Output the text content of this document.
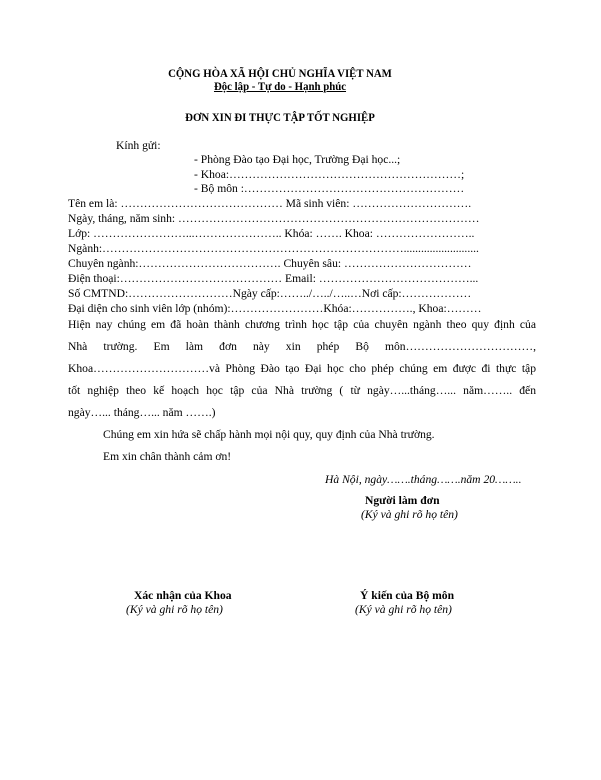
CỘNG HÒA XÃ HỘI CHỦ NGHĨA VIỆT NAM
Độc lập - Tự do - Hạnh phúc
ĐƠN XIN ĐI THỰC TẬP TỐT NGHIỆP
Kính gửi:
- Phòng Đào tạo Đại học, Trường Đại học...;
- Khoa:……………………………………………………;
- Bộ môn :…………………………………………………
Tên em là: …………………………………… Mã sinh viên: ………………………….
Ngày, tháng, năm sinh: ……………………………………………………………………
Lớp: ……………………...………………….. Khóa: ……. Khoa: ……………………..
Ngành:……………………………………………………………………..........................
Chuyên ngành:………………………………. Chuyên sâu: ……………………………
Điện thoại:…………………………………… Email: …………………………………...
Số CMTND:………………………Ngày cấp:……../…../…..…Nơi cấp:………………
Đại diện cho sinh viên lớp (nhóm):……………………Khóa:……………., Khoa:………
Hiện nay chúng em đã hoàn thành chương trình học tập của chuyên ngành theo quy định của
Nhà trường. Em làm đơn này xin phép Bộ môn……………………………,
Khoa…………………………và Phòng Đào tạo Đại học cho phép chúng em được đi thực tập
tốt nghiệp theo kế hoạch học tập của Nhà trường ( từ ngày…...tháng…... năm…….. đến
ngày…... tháng…... năm …….)
Chúng em xin hứa sẽ chấp hành mọi nội quy, quy định của Nhà trường.
Em xin chân thành cảm ơn!
Hà Nội, ngày…….tháng…….năm 20……..
Người làm đơn
(Ký và ghi rõ họ tên)
Xác nhận của Khoa
(Ký và ghi rõ họ tên)
Ý kiến của Bộ môn
(Ký và ghi rõ họ tên)
